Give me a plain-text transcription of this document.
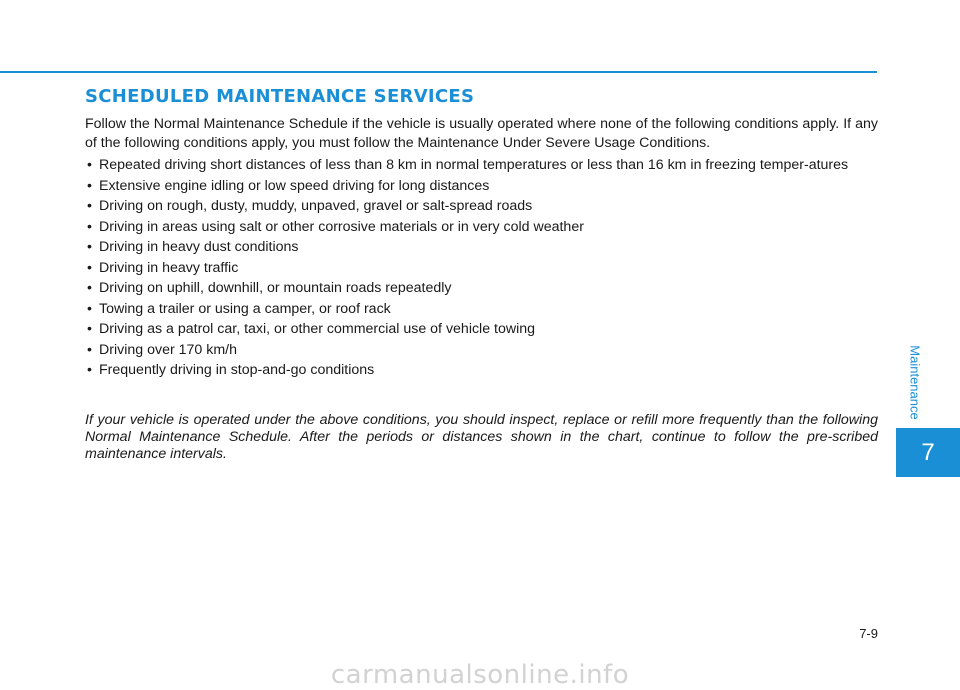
SCHEDULED MAINTENANCE SERVICES

Follow the Normal Maintenance Schedule if the vehicle is usually operated where none of the following conditions apply. If any of the following conditions apply, you must follow the Maintenance Under Severe Usage Conditions.

• Repeated driving short distances of less than 8 km in normal temperatures or less than 16 km in freezing temper-atures
• Extensive engine idling or low speed driving for long distances
• Driving on rough, dusty, muddy, unpaved, gravel or salt-spread roads
• Driving in areas using salt or other corrosive materials or in very cold weather
• Driving in heavy dust conditions
• Driving in heavy traffic
• Driving on uphill, downhill, or mountain roads repeatedly
• Towing a trailer or using a camper, or roof rack
• Driving as a patrol car, taxi, or other commercial use of vehicle towing
• Driving over 170 km/h
• Frequently driving in stop-and-go conditions

If your vehicle is operated under the above conditions, you should inspect, replace or refill more frequently than the following Normal Maintenance Schedule. After the periods or distances shown in the chart, continue to follow the pre-scribed maintenance intervals.

Maintenance
7
7-9
carmanualsonline.info
